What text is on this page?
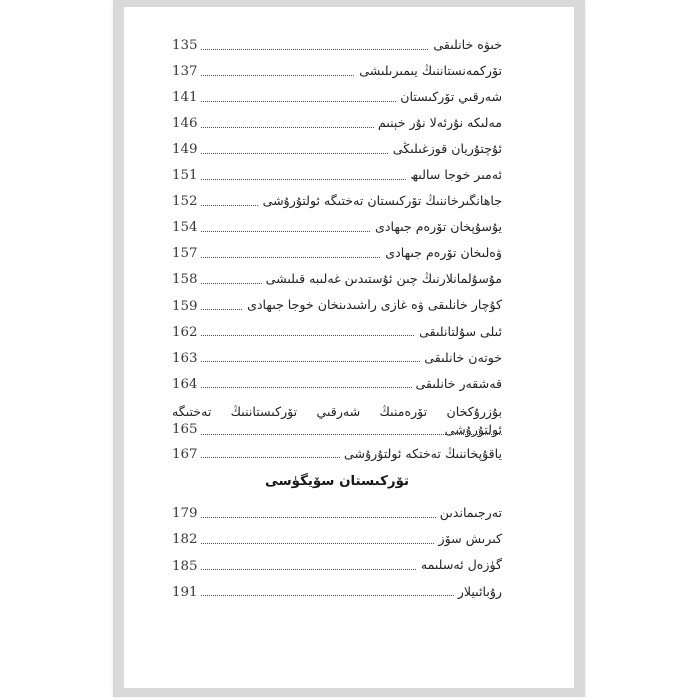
خىۋە خانلىقى
135
تۆركمەنستاننىڭ يىمىرىلىشى
137
شەرقىي تۆركىستان
141
مەلىكە نۇرئەلا نۇر خېنىم
146
ئۇچتۇريان قوزغىلىڭى
149
ئەمىر خوجا سالىھ
151
جاھانگىرخاننىڭ تۆركىستان تەختىگە ئولتۇرۇشى
152
يۇسۇپخان تۆرەم جىھادى
154
ۋەلىخان تۆرەم جىھادى
157
مۇسۇلمانلارنىڭ چىن ئۇستىدىن غەلىبە قىلىشى
158
كۇچار خانلىقى ۋە غازى راشىدىنخان خوجا جىھادى
159
ئىلى سۇلتانلىقى
162
خوتەن خانلىقى
163
قەشقەر خانلىقى
164
بۇزرۇكخان تۆرەمنىڭ شەرقىي تۆركىستاننىڭ تەختىگە
ئولتۇرۇشى
165
ياقۇپخاننىڭ تەختكە ئولتۇرۇشى
167
تۆركىستان سۆيگۈسى
تەرجىماندىن
179
كىرىش سۆز
182
گۈزەل ئەسلىمە
185
رۇبائىيلار
191
